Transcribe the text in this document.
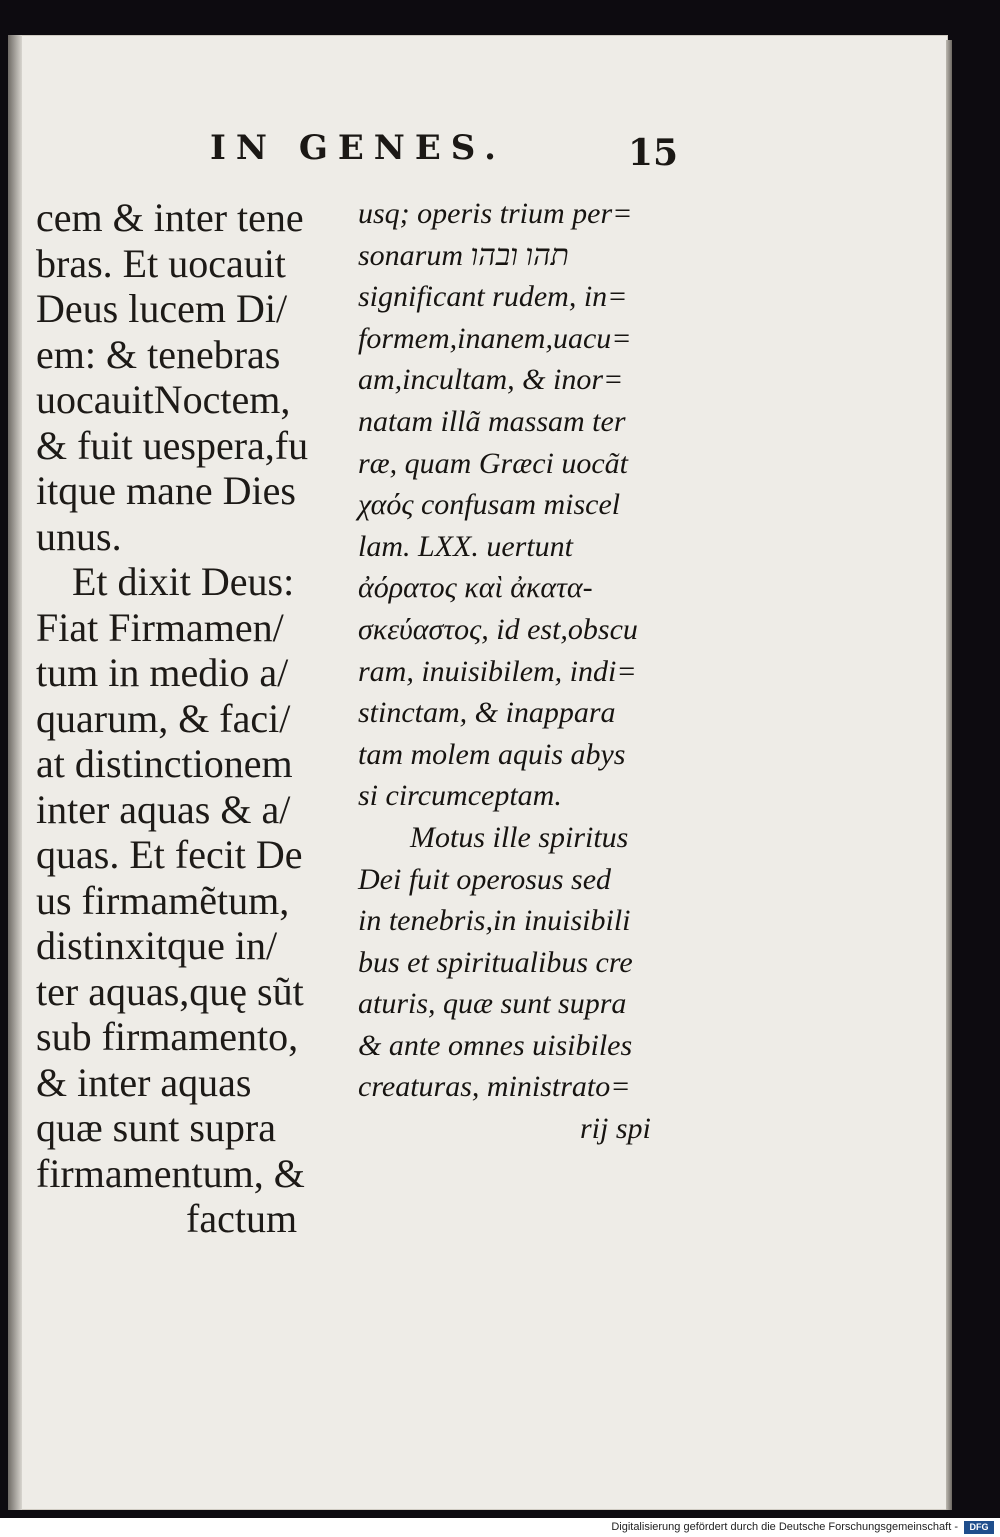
IN GENES.	15
cem & inter tene
bras. Et uocauit
Deus lucem Di/
em: & tenebras
uocauitNoctem,
& fuit uespera,fu
itque mane Dies
unus.
Et dixit Deus:
Fiat Firmamen/
tum in medio a/
quarum, & faci/
at distinctionem
inter aquas & a/
quas. Et fecit De
us firmamẽtum,
distinxitque in/
ter aquas,quę sũt
sub firmamento,
& inter aquas
quæ sunt supra
firmamentum, &
factum
usq; operis trium per=
sonarum תהו ובהו
significant rudem, in=
formem,inanem,uacu=
am,incultam, & inor=
natam illã massam ter
ræ, quam Græci uocãt
χαός confusam miscel
lam. LXX. uertunt
ἀόρατος καὶ ἀκατα-
σκεύαστος, id est,obscu
ram, inuisibilem, indi=
stinctam, & inappara
tam molem aquis abys
si circumceptam.
Motus ille spiritus
Dei fuit operosus sed
in tenebris,in inuisibili
bus et spiritualibus cre
aturis, quæ sunt supra
& ante omnes uisibiles
creaturas, ministrato=
rij spi
Digitalisierung gefördert durch die Deutsche Forschungsgemeinschaft -	DFG
